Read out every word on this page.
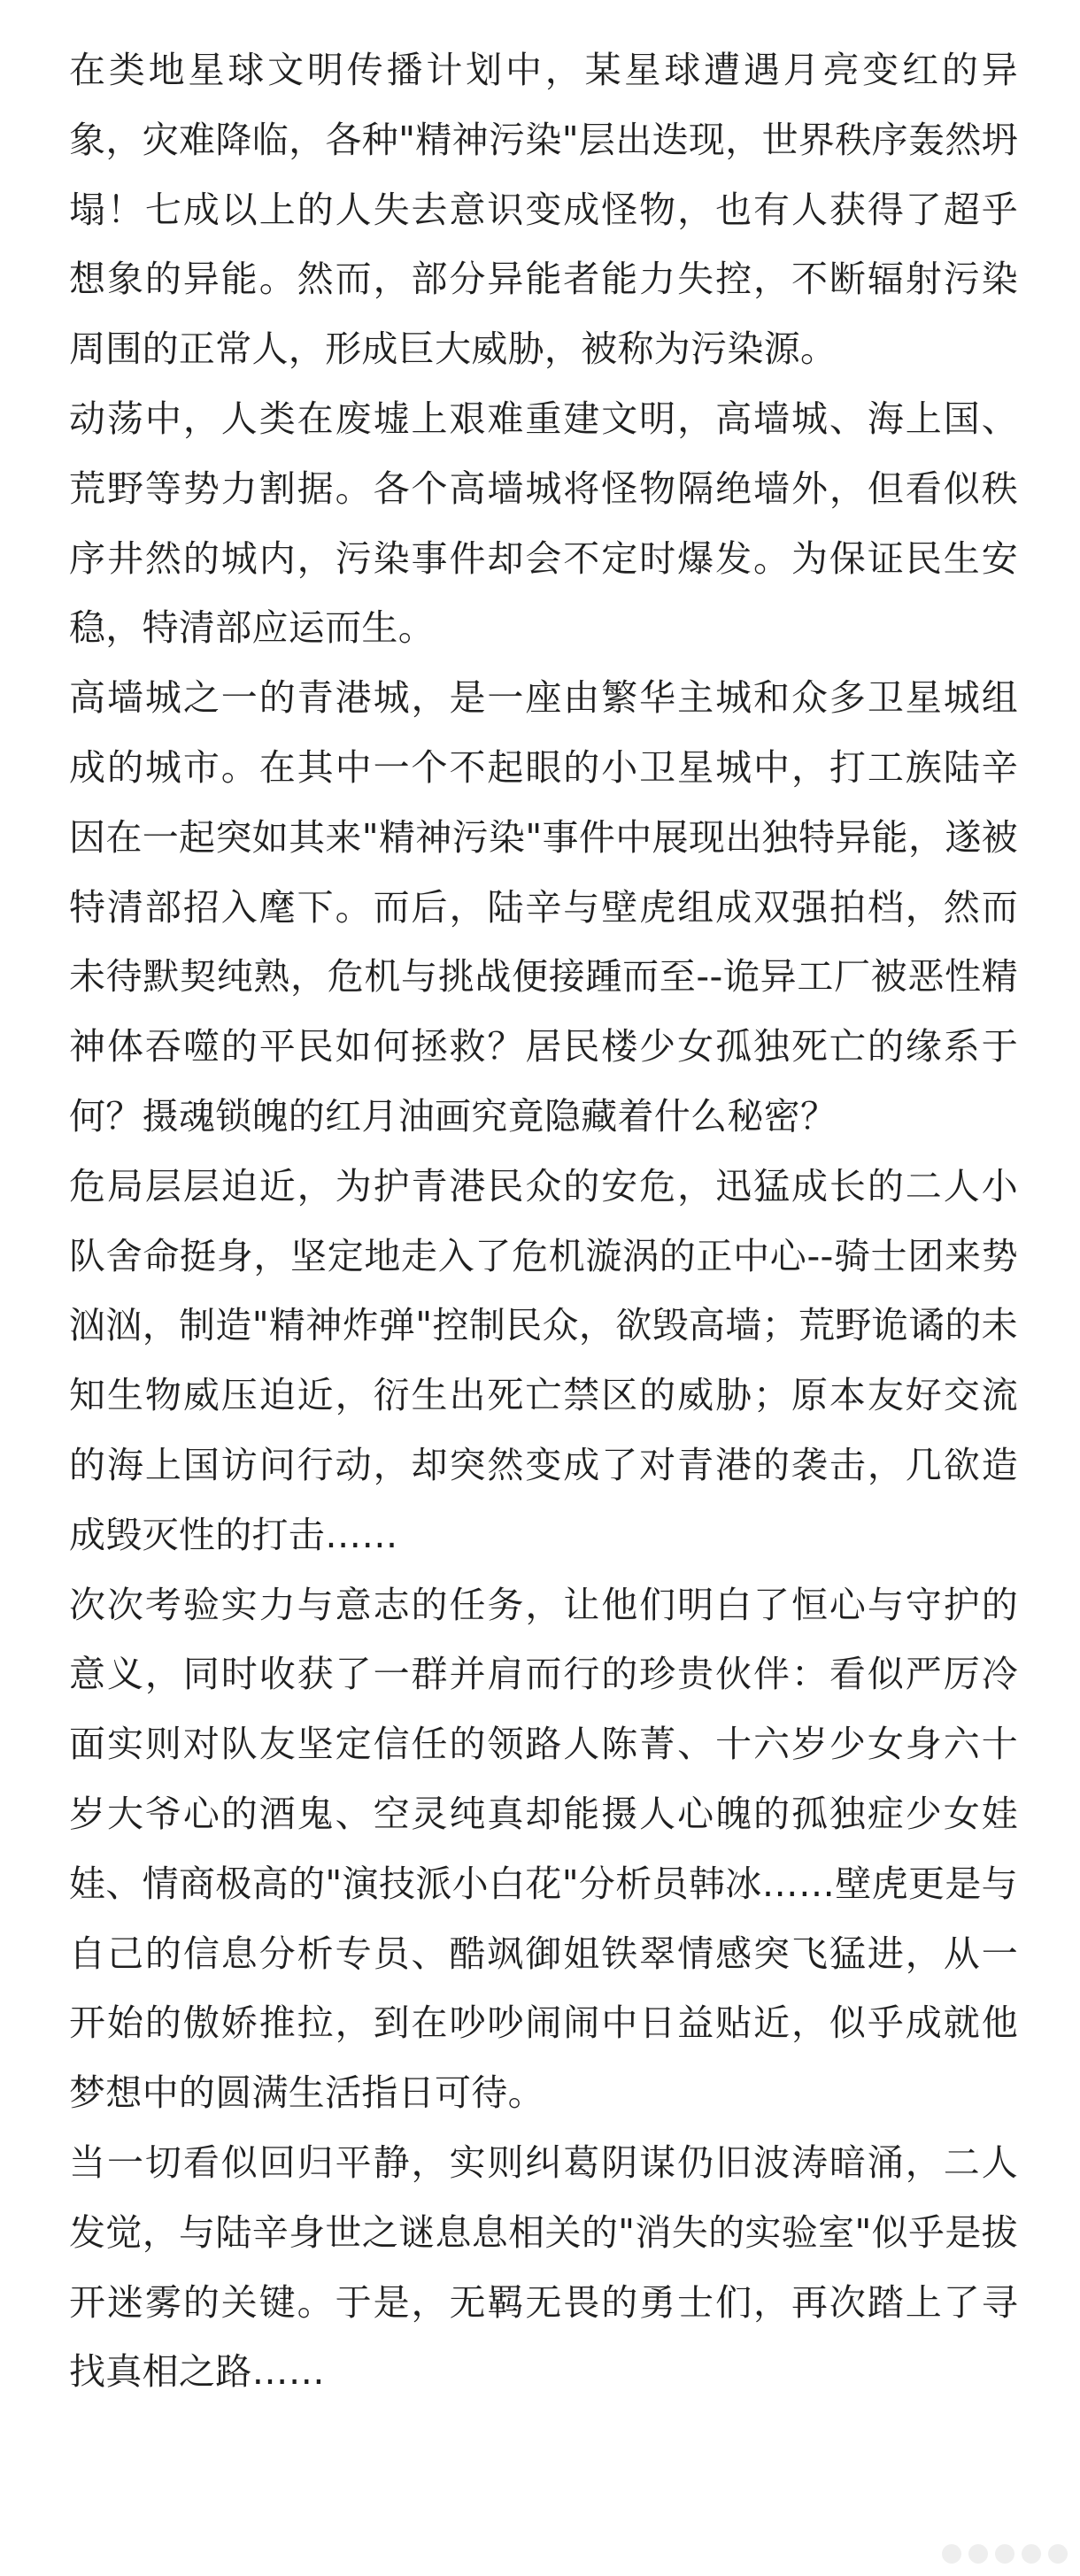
在类地星球文明传播计划中，某星球遭遇月亮变红的异象，灾难降临，各种"精神污染"层出迭现，世界秩序轰然坍塌！七成以上的人失去意识变成怪物，也有人获得了超乎想象的异能。然而，部分异能者能力失控，不断辐射污染周围的正常人，形成巨大威胁，被称为污染源。

动荡中，人类在废墟上艰难重建文明，高墙城、海上国、荒野等势力割据。各个高墙城将怪物隔绝墙外，但看似秩序井然的城内，污染事件却会不定时爆发。为保证民生安稳，特清部应运而生。

高墙城之一的青港城，是一座由繁华主城和众多卫星城组成的城市。在其中一个不起眼的小卫星城中，打工族陆辛因在一起突如其来"精神污染"事件中展现出独特异能，遂被特清部招入麾下。而后，陆辛与壁虎组成双强拍档，然而未待默契纯熟，危机与挑战便接踵而至--诡异工厂被恶性精神体吞噬的平民如何拯救？居民楼少女孤独死亡的缘系于何？摄魂锁魄的红月油画究竟隐藏着什么秘密？

危局层层迫近，为护青港民众的安危，迅猛成长的二人小队舍命挺身，坚定地走入了危机漩涡的正中心--骑士团来势汹汹，制造"精神炸弹"控制民众，欲毁高墙；荒野诡谲的未知生物威压迫近，衍生出死亡禁区的威胁；原本友好交流的海上国访问行动，却突然变成了对青港的袭击，几欲造成毁灭性的打击……

次次考验实力与意志的任务，让他们明白了恒心与守护的意义，同时收获了一群并肩而行的珍贵伙伴：看似严厉冷面实则对队友坚定信任的领路人陈菁、十六岁少女身六十岁大爷心的酒鬼、空灵纯真却能摄人心魄的孤独症少女娃娃、情商极高的"演技派小白花"分析员韩冰……壁虎更是与自己的信息分析专员、酷飒御姐铁翠情感突飞猛进，从一开始的傲娇推拉，到在吵吵闹闹中日益贴近，似乎成就他梦想中的圆满生活指日可待。

当一切看似回归平静，实则纠葛阴谋仍旧波涛暗涌，二人发觉，与陆辛身世之谜息息相关的"消失的实验室"似乎是拔开迷雾的关键。于是，无羁无畏的勇士们，再次踏上了寻找真相之路……
